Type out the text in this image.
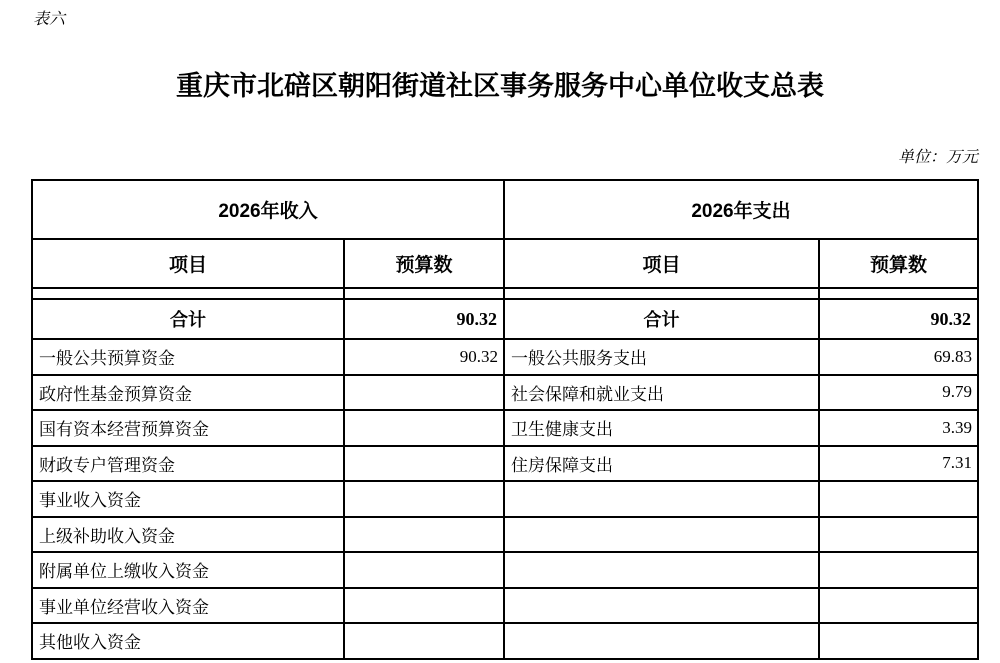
表六
重庆市北碚区朝阳街道社区事务服务中心单位收支总表
单位：万元
2026年收入		2026年支出	
项目	预算数	项目	预算数

合计	90.32	合计	90.32
一般公共预算资金	90.32	一般公共服务支出	69.83
政府性基金预算资金		社会保障和就业支出	9.79
国有资本经营预算资金		卫生健康支出	3.39
财政专户管理资金		住房保障支出	7.31
事业收入资金			
上级补助收入资金			
附属单位上缴收入资金			
事业单位经营收入资金			
其他收入资金			
